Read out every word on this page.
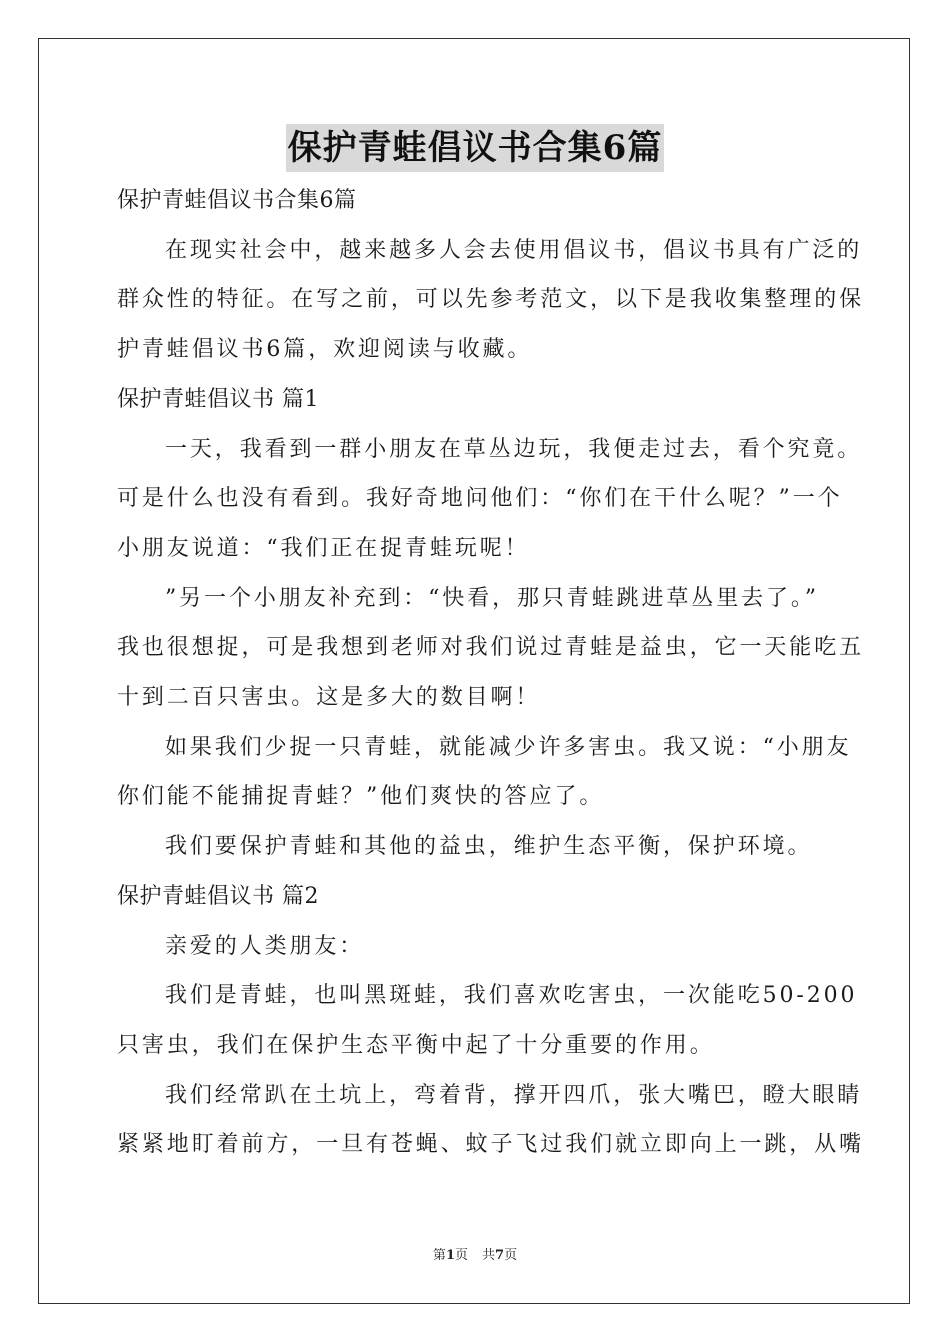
保护青蛙倡议书合集6篇

保护青蛙倡议书合集6篇

在现实社会中，越来越多人会去使用倡议书，倡议书具有广泛的

群众性的特征。在写之前，可以先参考范文，以下是我收集整理的保

护青蛙倡议书6篇，欢迎阅读与收藏。

保护青蛙倡议书 篇1

一天，我看到一群小朋友在草丛边玩，我便走过去，看个究竟。

可是什么也没有看到。我好奇地问他们：“你们在干什么呢？”一个

小朋友说道：“我们正在捉青蛙玩呢！

”另一个小朋友补充到：“快看，那只青蛙跳进草丛里去了。”

我也很想捉，可是我想到老师对我们说过青蛙是益虫，它一天能吃五

十到二百只害虫。这是多大的数目啊！

如果我们少捉一只青蛙，就能减少许多害虫。我又说：“小朋友

你们能不能捕捉青蛙？”他们爽快的答应了。

我们要保护青蛙和其他的益虫，维护生态平衡，保护环境。

保护青蛙倡议书 篇2

亲爱的人类朋友：

我们是青蛙，也叫黑斑蛙，我们喜欢吃害虫，一次能吃50-200

只害虫，我们在保护生态平衡中起了十分重要的作用。

我们经常趴在土坑上，弯着背，撑开四爪，张大嘴巴，瞪大眼睛

紧紧地盯着前方，一旦有苍蝇、蚊子飞过我们就立即向上一跳，从嘴

第1页 共7页
